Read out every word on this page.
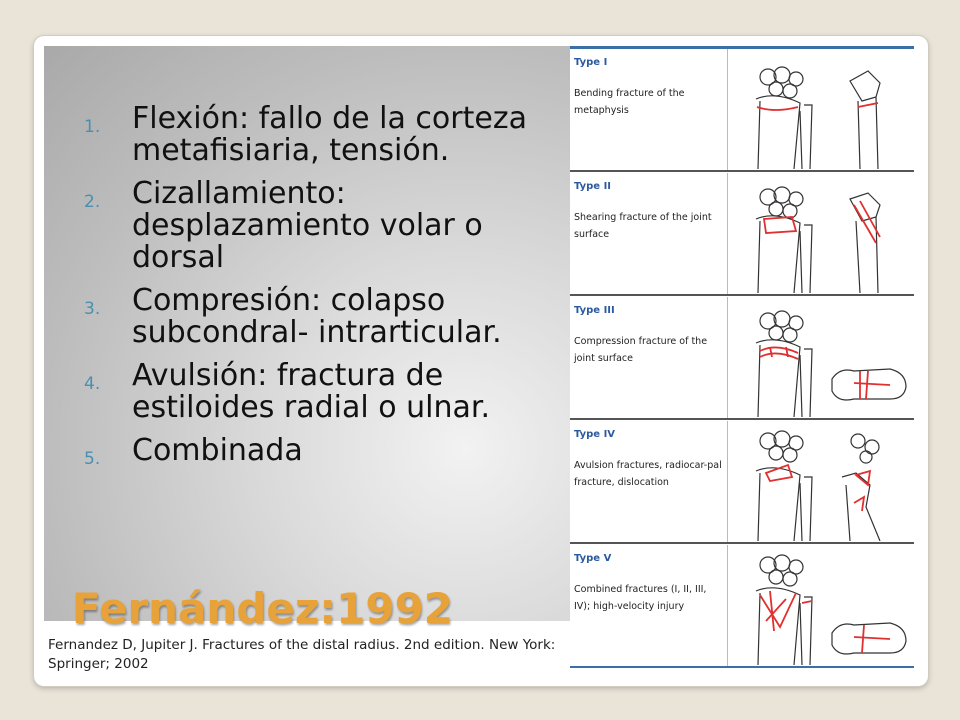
1. Flexión: fallo de la corteza metafisiaria, tensión.
2. Cizallamiento: desplazamiento volar o dorsal
3. Compresión: colapso subcondral- intrarticular.
4. Avulsión: fractura de estiloides radial o ulnar.
5. Combinada
Fernández:1992
Fernandez D, Jupiter J. Fractures of the distal radius. 2nd edition. New York: Springer; 2002
Type I
Bending fracture of the metaphysis
Type II
Shearing fracture of the joint surface
Type III
Compression fracture of the joint surface
Type IV
Avulsion fractures, radiocar-pal fracture, dislocation
Type V
Combined fractures (I, II, III, IV); high-velocity injury
